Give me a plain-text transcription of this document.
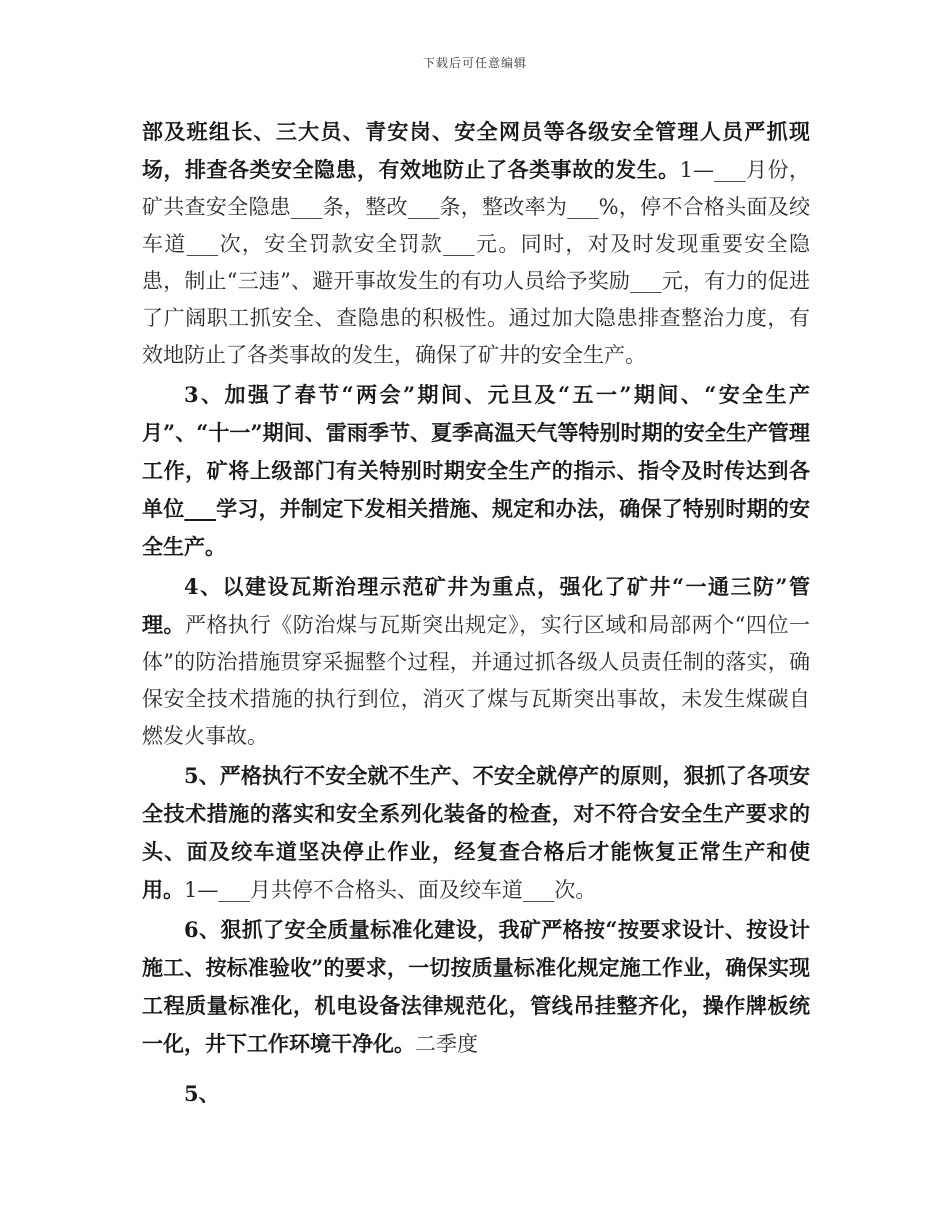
下载后可任意编辑

部及班组长、三大员、青安岗、安全网员等各级安全管理人员严抓现场，排查各类安全隐患，有效地防止了各类事故的发生。1—___月份，矿共查安全隐患___条，整改___条，整改率为___%，停不合格头面及绞车道___次，安全罚款安全罚款___元。同时，对及时发现重要安全隐患，制止“三违”、避开事故发生的有功人员给予奖励___元，有力的促进了广阔职工抓安全、查隐患的积极性。通过加大隐患排查整治力度，有效地防止了各类事故的发生，确保了矿井的安全生产。

3、加强了春节“两会”期间、元旦及“五一”期间、“安全生产月”、“十一”期间、雷雨季节、夏季高温天气等特别时期的安全生产管理工作，矿将上级部门有关特别时期安全生产的指示、指令及时传达到各单位___学习，并制定下发相关措施、规定和办法，确保了特别时期的安全生产。

4、以建设瓦斯治理示范矿井为重点，强化了矿井“一通三防”管理。严格执行《防治煤与瓦斯突出规定》，实行区域和局部两个“四位一体”的防治措施贯穿采掘整个过程，并通过抓各级人员责任制的落实，确保安全技术措施的执行到位，消灭了煤与瓦斯突出事故，未发生煤碳自燃发火事故。

5、严格执行不安全就不生产、不安全就停产的原则，狠抓了各项安全技术措施的落实和安全系列化装备的检查，对不符合安全生产要求的头、面及绞车道坚决停止作业，经复查合格后才能恢复正常生产和使用。1—___月共停不合格头、面及绞车道___次。

6、狠抓了安全质量标准化建设，我矿严格按“按要求设计、按设计施工、按标准验收”的要求，一切按质量标准化规定施工作业，确保实现工程质量标准化，机电设备法律规范化，管线吊挂整齐化，操作牌板统一化，井下工作环境干净化。二季度

5、
